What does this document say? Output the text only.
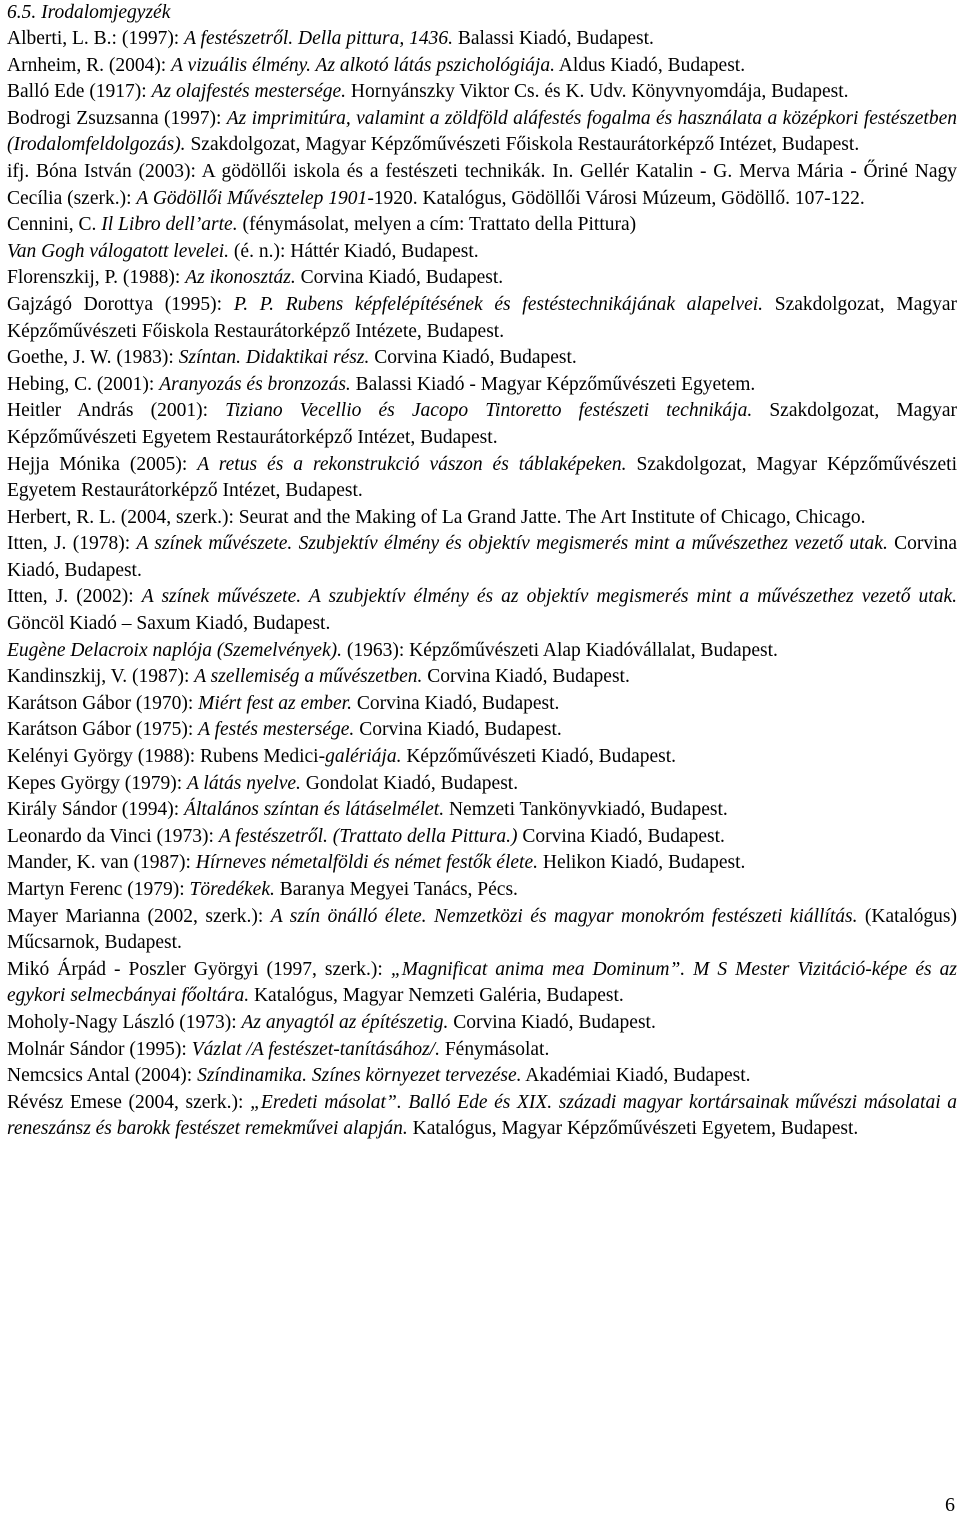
6.5. Irodalomjegyzék

Alberti, L. B.: (1997): A festészetről. Della pittura, 1436. Balassi Kiadó, Budapest.

Arnheim, R. (2004): A vizuális élmény. Az alkotó látás pszichológiája. Aldus Kiadó, Budapest.

Balló Ede (1917): Az olajfestés mestersége. Hornyánszky Viktor Cs. és K. Udv. Könyvnyomdája, Budapest.

Bodrogi Zsuzsanna (1997): Az imprimitúra, valamint a zöldföld aláfestés fogalma és használata a középkori festészetben (Irodalomfeldolgozás). Szakdolgozat, Magyar Képzőművészeti Főiskola Restaurátorképző Intézet, Budapest.

ifj. Bóna István (2003): A gödöllői iskola és a festészeti technikák. In. Gellér Katalin - G. Merva Mária - Őriné Nagy Cecília (szerk.): A Gödöllői Művésztelep 1901-1920. Katalógus, Gödöllői Városi Múzeum, Gödöllő. 107-122.

Cennini, C. Il Libro dell’arte. (fénymásolat, melyen a cím: Trattato della Pittura)

Van Gogh válogatott levelei. (é. n.): Háttér Kiadó, Budapest.

Florenszkij, P. (1988): Az ikonosztáz. Corvina Kiadó, Budapest.

Gajzágó Dorottya (1995): P. P. Rubens képfelépítésének és festéstechnikájának alapelvei. Szakdolgozat, Magyar Képzőművészeti Főiskola Restaurátorképző Intézete, Budapest.

Goethe, J. W. (1983): Színtan. Didaktikai rész. Corvina Kiadó, Budapest.

Hebing, C. (2001): Aranyozás és bronzozás. Balassi Kiadó - Magyar Képzőművészeti Egyetem.

Heitler András (2001): Tiziano Vecellio és Jacopo Tintoretto festészeti technikája. Szakdolgozat, Magyar Képzőművészeti Egyetem Restaurátorképző Intézet, Budapest.

Hejja Mónika (2005): A retus és a rekonstrukció vászon és táblaképeken. Szakdolgozat, Magyar Képzőművészeti Egyetem Restaurátorképző Intézet, Budapest.

Herbert, R. L. (2004, szerk.): Seurat and the Making of La Grand Jatte. The Art Institute of Chicago, Chicago.

Itten, J. (1978): A színek művészete. Szubjektív élmény és objektív megismerés mint a művészethez vezető utak. Corvina Kiadó, Budapest.

Itten, J. (2002): A színek művészete. A szubjektív élmény és az objektív megismerés mint a művészethez vezető utak. Göncöl Kiadó – Saxum Kiadó, Budapest.

Eugène Delacroix naplója (Szemelvények). (1963): Képzőművészeti Alap Kiadóvállalat, Budapest.

Kandinszkij, V. (1987): A szellemiség a művészetben. Corvina Kiadó, Budapest.

Karátson Gábor (1970): Miért fest az ember. Corvina Kiadó, Budapest.

Karátson Gábor (1975): A festés mestersége. Corvina Kiadó, Budapest.

Kelényi György (1988): Rubens Medici-galériája. Képzőművészeti Kiadó, Budapest.

Kepes György (1979): A látás nyelve. Gondolat Kiadó, Budapest.

Király Sándor (1994): Általános színtan és látáselmélet. Nemzeti Tankönyvkiadó, Budapest.

Leonardo da Vinci (1973): A festészetről. (Trattato della Pittura.) Corvina Kiadó, Budapest.

Mander, K. van (1987): Hírneves németalföldi és német festők élete. Helikon Kiadó, Budapest.

Martyn Ferenc (1979): Töredékek. Baranya Megyei Tanács, Pécs.

Mayer Marianna (2002, szerk.): A szín önálló élete. Nemzetközi és magyar monokróm festészeti kiállítás. (Katalógus) Műcsarnok, Budapest.

Mikó Árpád - Poszler Györgyi (1997, szerk.): „Magnificat anima mea Dominum”. M S Mester Vizitáció-képe és az egykori selmecbányai főoltára. Katalógus, Magyar Nemzeti Galéria, Budapest.

Moholy-Nagy László (1973): Az anyagtól az építészetig. Corvina Kiadó, Budapest.

Molnár Sándor (1995): Vázlat /A festészet-tanításához/. Fénymásolat.

Nemcsics Antal (2004): Színdinamika. Színes környezet tervezése. Akadémiai Kiadó, Budapest.

Révész Emese (2004, szerk.): „Eredeti másolat”. Balló Ede és XIX. századi magyar kortársainak művészi másolatai a reneszánsz és barokk festészet remekművei alapján. Katalógus, Magyar Képzőművészeti Egyetem, Budapest.

6
